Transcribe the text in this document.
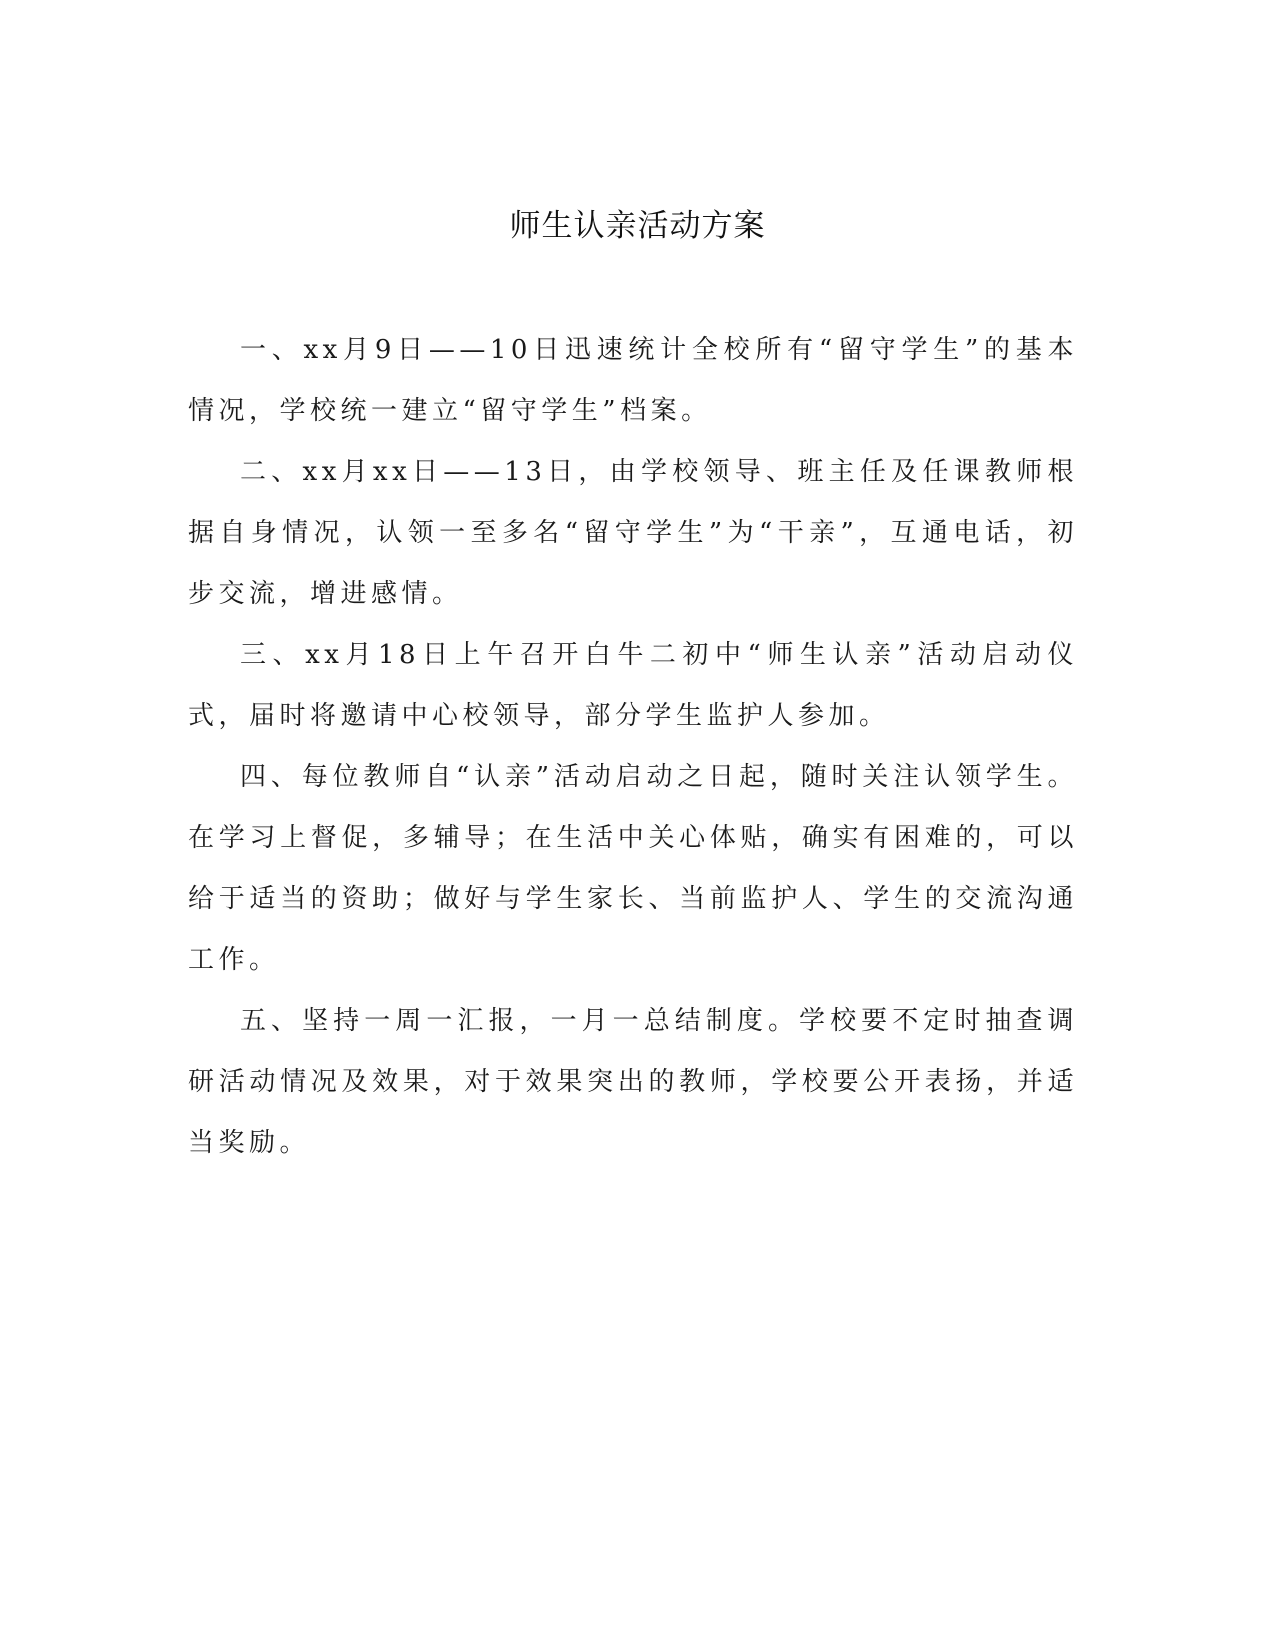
师生认亲活动方案

一、xx月9日——10日迅速统计全校所有“留守学生”的基本情况，学校统一建立“留守学生”档案。

二、xx月xx日——13日，由学校领导、班主任及任课教师根据自身情况，认领一至多名“留守学生”为“干亲”，互通电话，初步交流，增进感情。

三、xx月18日上午召开白牛二初中“师生认亲”活动启动仪式，届时将邀请中心校领导，部分学生监护人参加。

四、每位教师自“认亲”活动启动之日起，随时关注认领学生。在学习上督促，多辅导；在生活中关心体贴，确实有困难的，可以给于适当的资助；做好与学生家长、当前监护人、学生的交流沟通工作。

五、坚持一周一汇报，一月一总结制度。学校要不定时抽查调研活动情况及效果，对于效果突出的教师，学校要公开表扬，并适当奖励。
